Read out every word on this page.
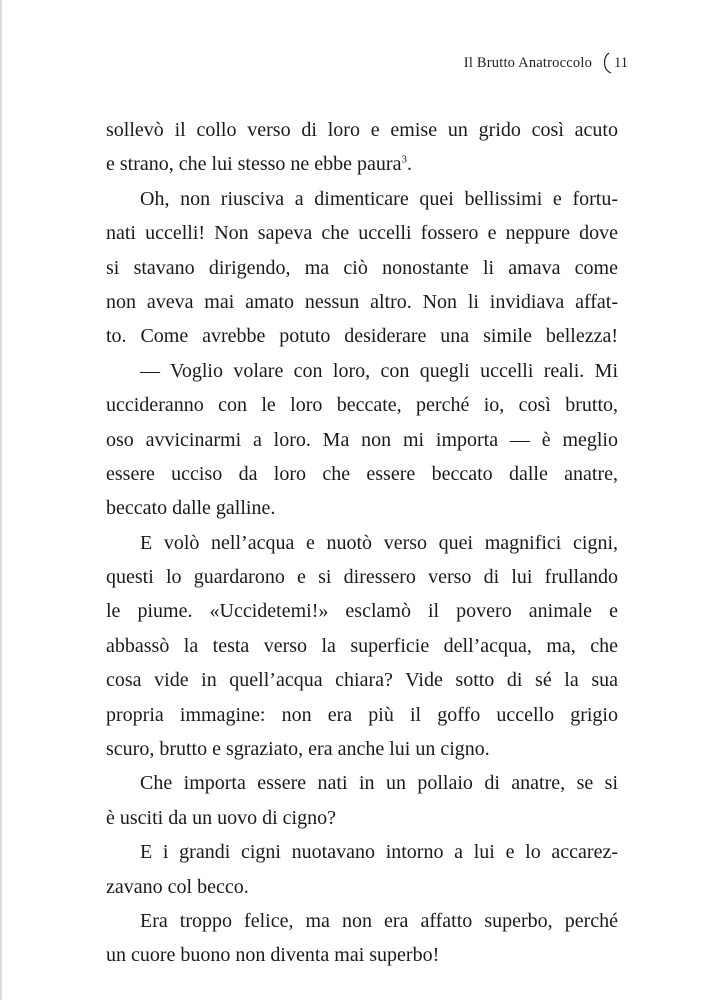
Il Brutto Anatroccolo 11
sollevò il collo verso di loro e emise un grido così acuto
e strano, che lui stesso ne ebbe paura$^3$.
Oh, non riusciva a dimenticare quei bellissimi e fortu-
nati uccelli! Non sapeva che uccelli fossero e neppure dove
si stavano dirigendo, ma ciò nonostante li amava come
non aveva mai amato nessun altro. Non li invidiava affat-
to. Come avrebbe potuto desiderare una simile bellezza!
— Voglio volare con loro, con quegli uccelli reali. Mi
uccideranno con le loro beccate, perché io, così brutto,
oso avvicinarmi a loro. Ma non mi importa — è meglio
essere ucciso da loro che essere beccato dalle anatre,
beccato dalle galline.
E volò nell’acqua e nuotò verso quei magnifici cigni,
questi lo guardarono e si diressero verso di lui frullando
le piume. «Uccidetemi!» esclamò il povero animale e
abbassò la testa verso la superficie dell’acqua, ma, che
cosa vide in quell’acqua chiara? Vide sotto di sé la sua
propria immagine: non era più il goffo uccello grigio
scuro, brutto e sgraziato, era anche lui un cigno.
Che importa essere nati in un pollaio di anatre, se si
è usciti da un uovo di cigno?
E i grandi cigni nuotavano intorno a lui e lo accarez-
zavano col becco.
Era troppo felice, ma non era affatto superbo, perché
un cuore buono non diventa mai superbo!
